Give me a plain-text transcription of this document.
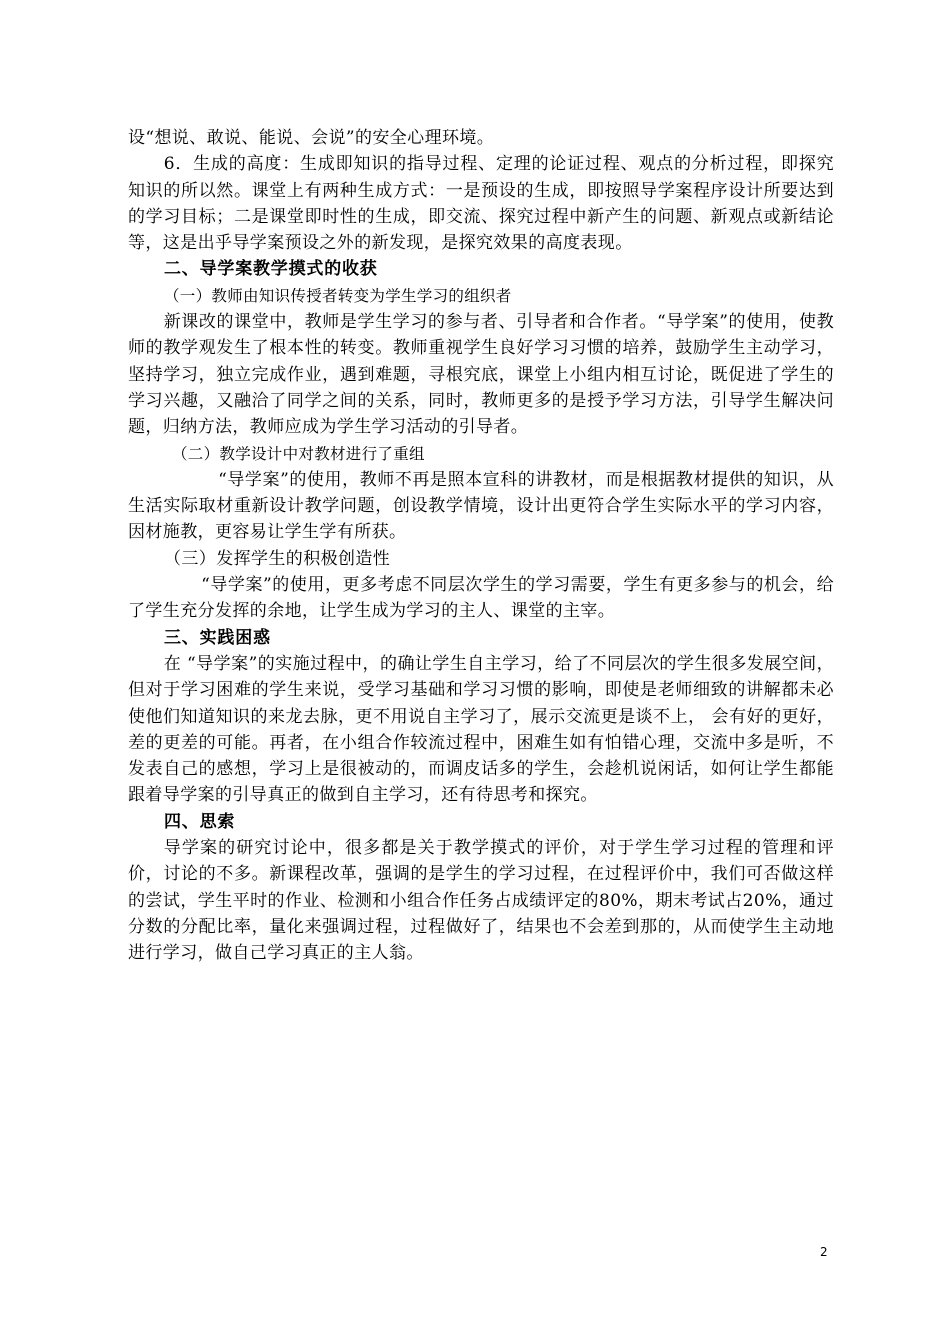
设“想说、敢说、能说、会说”的安全心理环境。

6．生成的高度：生成即知识的指导过程、定理的论证过程、观点的分析过程，即探究知识的所以然。课堂上有两种生成方式：一是预设的生成，即按照导学案程序设计所要达到的学习目标；二是课堂即时性的生成，即交流、探究过程中新产生的问题、新观点或新结论等，这是出乎导学案预设之外的新发现，是探究效果的高度表现。

二、导学案教学摸式的收获

（一）教师由知识传授者转变为学生学习的组织者

新课改的课堂中，教师是学生学习的参与者、引导者和合作者。“导学案”的使用，使教师的教学观发生了根本性的转变。教师重视学生良好学习习惯的培养，鼓励学生主动学习，坚持学习，独立完成作业，遇到难题，寻根究底，课堂上小组内相互讨论，既促进了学生的学习兴趣，又融洽了同学之间的关系，同时，教师更多的是授予学习方法，引导学生解决问题，归纳方法，教师应成为学生学习活动的引导者。

（二）教学设计中对教材进行了重组

“导学案”的使用，教师不再是照本宣科的讲教材，而是根据教材提供的知识，从生活实际取材重新设计教学问题，创设教学情境，设计出更符合学生实际水平的学习内容，因材施教，更容易让学生学有所获。

（三）发挥学生的积极创造性

“导学案”的使用，更多考虑不同层次学生的学习需要，学生有更多参与的机会，给了学生充分发挥的余地，让学生成为学习的主人、课堂的主宰。

三、实践困惑

在 “导学案”的实施过程中，的确让学生自主学习，给了不同层次的学生很多发展空间，但对于学习困难的学生来说，受学习基础和学习习惯的影响，即使是老师细致的讲解都未必使他们知道知识的来龙去脉，更不用说自主学习了，展示交流更是谈不上， 会有好的更好，差的更差的可能。再者，在小组合作较流过程中，困难生如有怕错心理，交流中多是听，不发表自己的感想，学习上是很被动的，而调皮话多的学生，会趁机说闲话，如何让学生都能跟着导学案的引导真正的做到自主学习，还有待思考和探究。

四、思索

导学案的研究讨论中，很多都是关于教学摸式的评价，对于学生学习过程的管理和评价，讨论的不多。新课程改革，强调的是学生的学习过程，在过程评价中，我们可否做这样的尝试，学生平时的作业、检测和小组合作任务占成绩评定的80%，期末考试占20%，通过分数的分配比率，量化来强调过程，过程做好了，结果也不会差到那的，从而使学生主动地进行学习，做自己学习真正的主人翁。

2
